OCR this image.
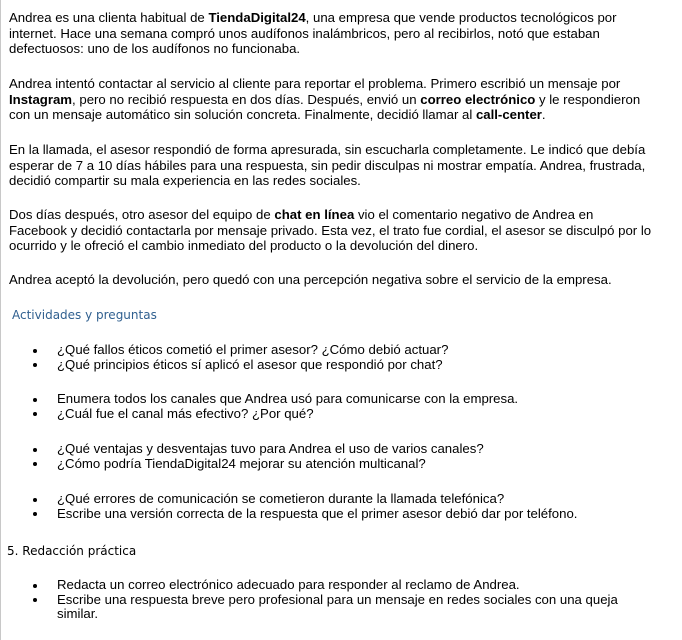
Andrea es una clienta habitual de TiendaDigital24, una empresa que vende productos tecnológicos por
internet. Hace una semana compró unos audífonos inalámbricos, pero al recibirlos, notó que estaban
defectuosos: uno de los audífonos no funcionaba.

Andrea intentó contactar al servicio al cliente para reportar el problema. Primero escribió un mensaje por
Instagram, pero no recibió respuesta en dos días. Después, envió un correo electrónico y le respondieron
con un mensaje automático sin solución concreta. Finalmente, decidió llamar al call-center.

En la llamada, el asesor respondió de forma apresurada, sin escucharla completamente. Le indicó que debía
esperar de 7 a 10 días hábiles para una respuesta, sin pedir disculpas ni mostrar empatía. Andrea, frustrada,
decidió compartir su mala experiencia en las redes sociales.

Dos días después, otro asesor del equipo de chat en línea vio el comentario negativo de Andrea en
Facebook y decidió contactarla por mensaje privado. Esta vez, el trato fue cordial, el asesor se disculpó por lo
ocurrido y le ofreció el cambio inmediato del producto o la devolución del dinero.

Andrea aceptó la devolución, pero quedó con una percepción negativa sobre el servicio de la empresa.

Actividades y preguntas

¿Qué fallos éticos cometió el primer asesor? ¿Cómo debió actuar?
¿Qué principios éticos sí aplicó el asesor que respondió por chat?
Enumera todos los canales que Andrea usó para comunicarse con la empresa.
¿Cuál fue el canal más efectivo? ¿Por qué?
¿Qué ventajas y desventajas tuvo para Andrea el uso de varios canales?
¿Cómo podría TiendaDigital24 mejorar su atención multicanal?
¿Qué errores de comunicación se cometieron durante la llamada telefónica?
Escribe una versión correcta de la respuesta que el primer asesor debió dar por teléfono.

5. Redacción práctica

Redacta un correo electrónico adecuado para responder al reclamo de Andrea.
Escribe una respuesta breve pero profesional para un mensaje en redes sociales con una queja
similar.
